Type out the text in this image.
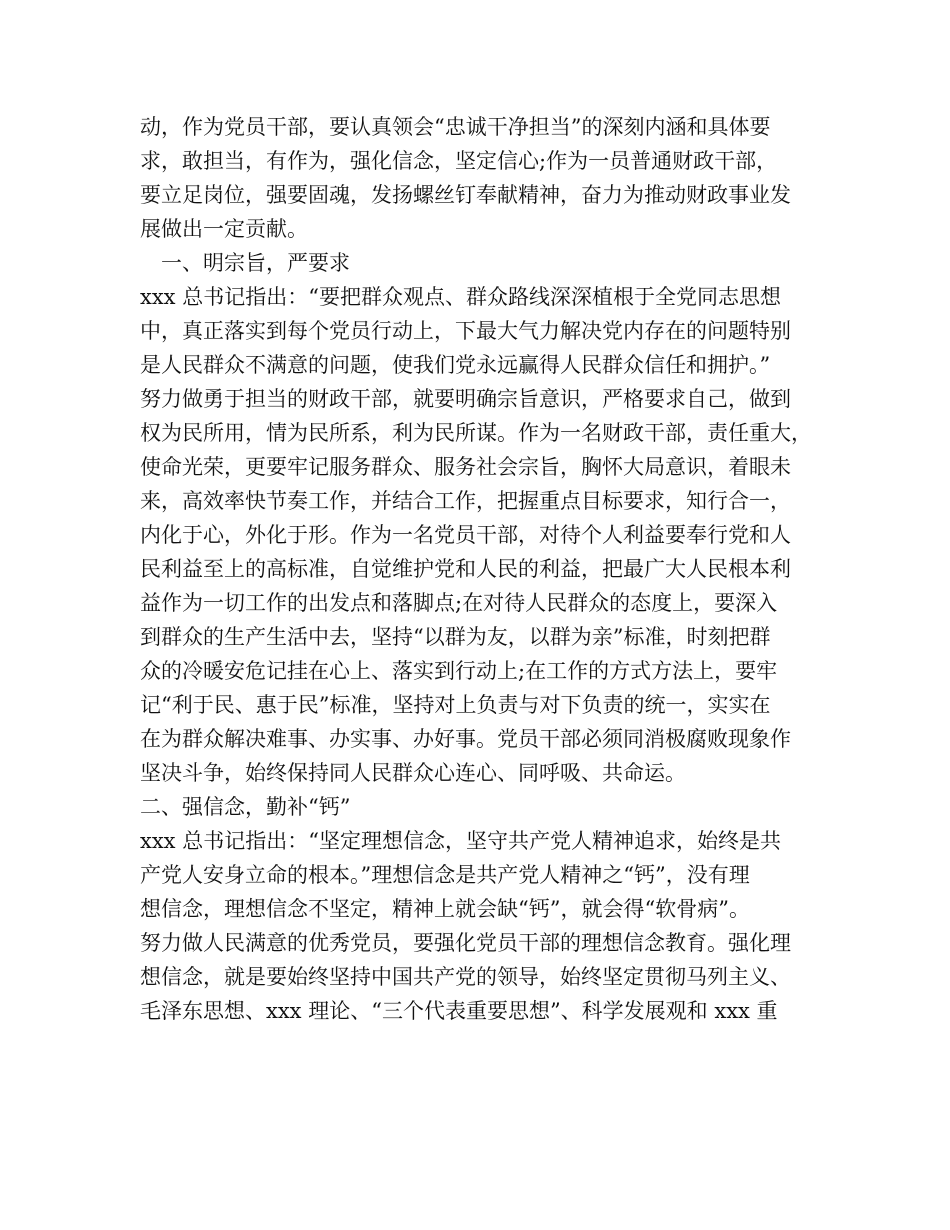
动，作为党员干部，要认真领会“忠诚干净担当”的深刻内涵和具体要
求，敢担当，有作为，强化信念，坚定信心;作为一员普通财政干部，
要立足岗位，强要固魂，发扬螺丝钉奉献精神，奋力为推动财政事业发
展做出一定贡献。
一、明宗旨，严要求
xxx 总书记指出：“要把群众观点、群众路线深深植根于全党同志思想
中，真正落实到每个党员行动上，下最大气力解决党内存在的问题特别
是人民群众不满意的问题，使我们党永远赢得人民群众信任和拥护。”
努力做勇于担当的财政干部，就要明确宗旨意识，严格要求自己，做到
权为民所用，情为民所系，利为民所谋。作为一名财政干部，责任重大，
使命光荣，更要牢记服务群众、服务社会宗旨，胸怀大局意识，着眼未
来，高效率快节奏工作，并结合工作，把握重点目标要求，知行合一，
内化于心，外化于形。作为一名党员干部，对待个人利益要奉行党和人
民利益至上的高标准，自觉维护党和人民的利益，把最广大人民根本利
益作为一切工作的出发点和落脚点;在对待人民群众的态度上，要深入
到群众的生产生活中去，坚持“以群为友，以群为亲”标准，时刻把群
众的冷暖安危记挂在心上、落实到行动上;在工作的方式方法上，要牢
记“利于民、惠于民”标准，坚持对上负责与对下负责的统一，实实在
在为群众解决难事、办实事、办好事。党员干部必须同消极腐败现象作
坚决斗争，始终保持同人民群众心连心、同呼吸、共命运。
二、强信念，勤补“钙”
xxx 总书记指出：“坚定理想信念，坚守共产党人精神追求，始终是共
产党人安身立命的根本。”理想信念是共产党人精神之“钙”，没有理
想信念，理想信念不坚定，精神上就会缺“钙”，就会得“软骨病”。
努力做人民满意的优秀党员，要强化党员干部的理想信念教育。强化理
想信念，就是要始终坚持中国共产党的领导，始终坚定贯彻马列主义、
毛泽东思想、xxx 理论、“三个代表重要思想”、科学发展观和 xxx 重
